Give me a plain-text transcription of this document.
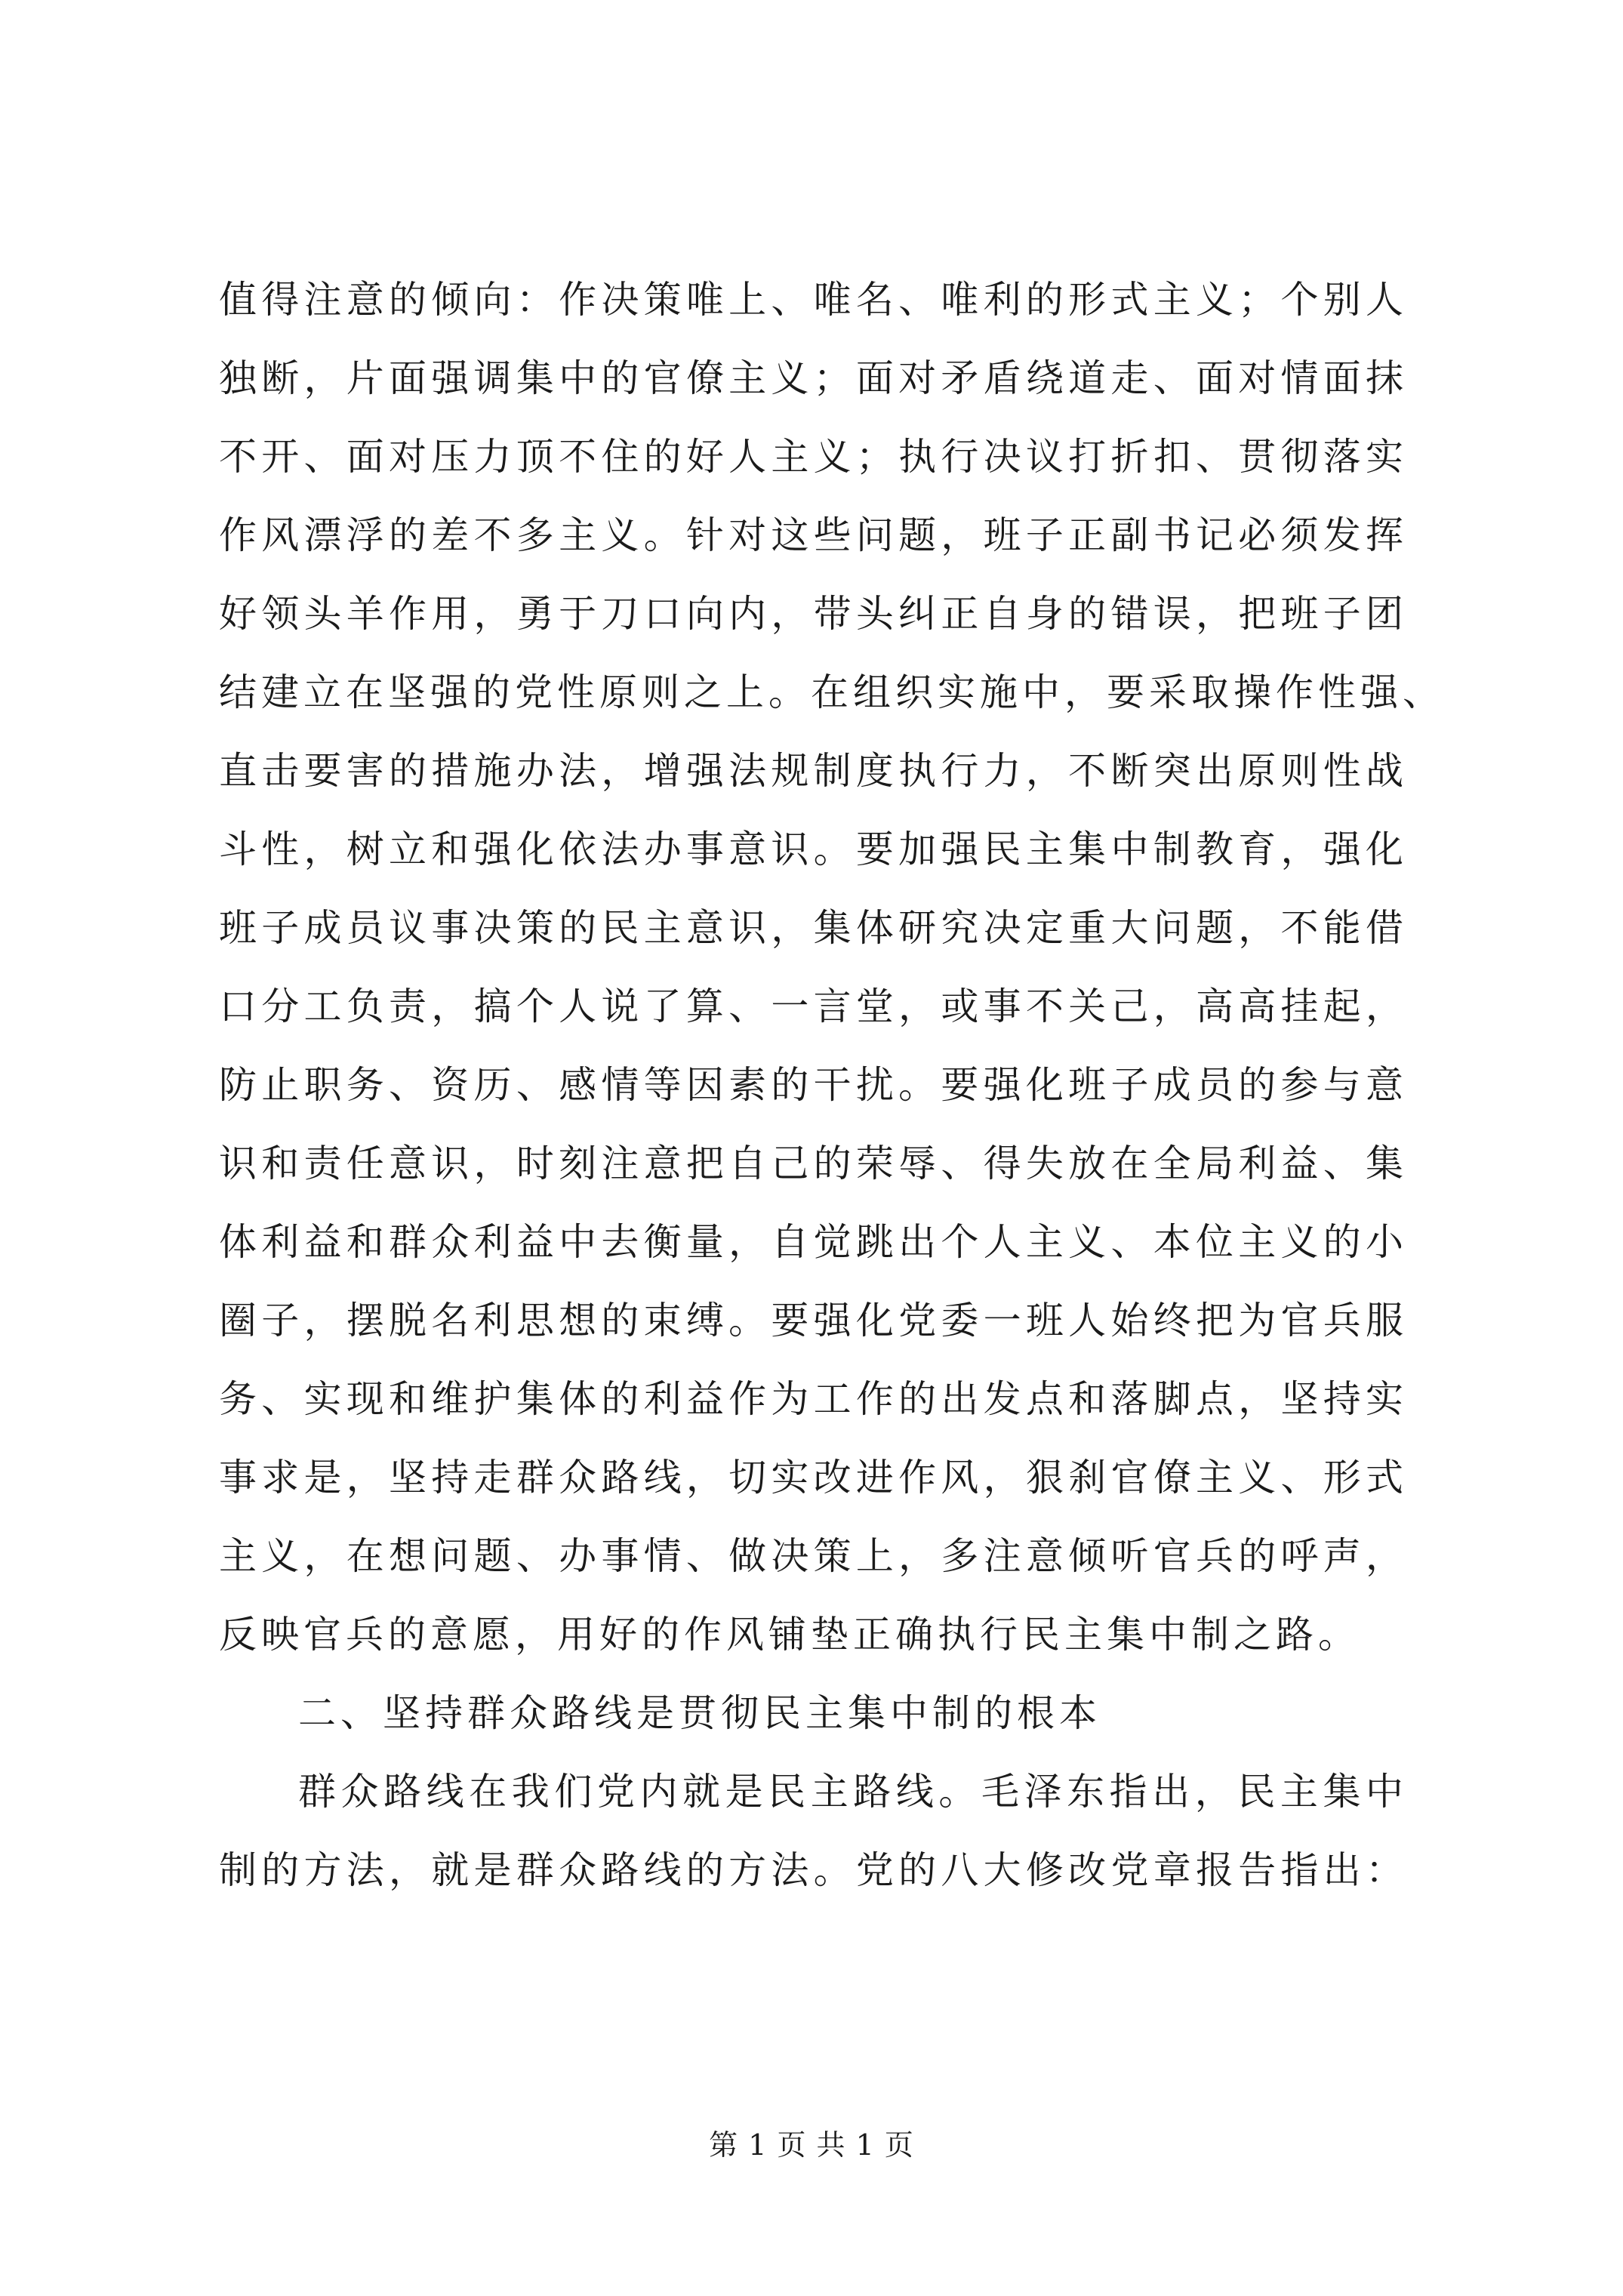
值得注意的倾向：作决策唯上、唯名、唯利的形式主义；个别人
独断，片面强调集中的官僚主义；面对矛盾绕道走、面对情面抹
不开、面对压力顶不住的好人主义；执行决议打折扣、贯彻落实
作风漂浮的差不多主义。针对这些问题，班子正副书记必须发挥
好领头羊作用，勇于刀口向内，带头纠正自身的错误，把班子团
结建立在坚强的党性原则之上。在组织实施中，要采取操作性强、
直击要害的措施办法，增强法规制度执行力，不断突出原则性战
斗性，树立和强化依法办事意识。要加强民主集中制教育，强化
班子成员议事决策的民主意识，集体研究决定重大问题，不能借
口分工负责，搞个人说了算、一言堂，或事不关己，高高挂起，
防止职务、资历、感情等因素的干扰。要强化班子成员的参与意
识和责任意识，时刻注意把自己的荣辱、得失放在全局利益、集
体利益和群众利益中去衡量，自觉跳出个人主义、本位主义的小
圈子，摆脱名利思想的束缚。要强化党委一班人始终把为官兵服
务、实现和维护集体的利益作为工作的出发点和落脚点，坚持实
事求是，坚持走群众路线，切实改进作风，狠刹官僚主义、形式
主义，在想问题、办事情、做决策上，多注意倾听官兵的呼声，
反映官兵的意愿，用好的作风铺垫正确执行民主集中制之路。
二、坚持群众路线是贯彻民主集中制的根本
群众路线在我们党内就是民主路线。毛泽东指出，民主集中
制的方法，就是群众路线的方法。党的八大修改党章报告指出：
第 1 页 共 1 页
